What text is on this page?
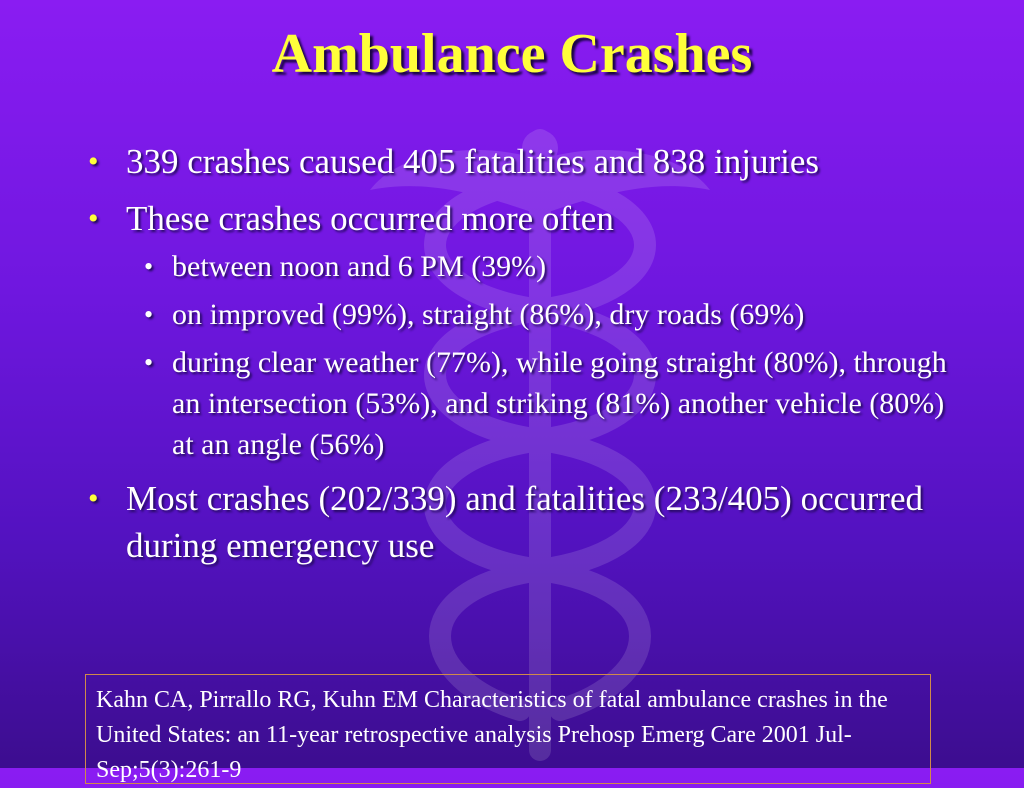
Ambulance Crashes
• 339 crashes caused 405 fatalities and 838 injuries
• These crashes occurred more often
• between noon and 6 PM (39%)
• on improved (99%), straight (86%), dry roads (69%)
• during clear weather (77%), while going straight (80%), through an intersection (53%), and striking (81%) another vehicle (80%) at an angle (56%)
• Most crashes (202/339) and fatalities (233/405) occurred during emergency use
Kahn CA, Pirrallo RG, Kuhn EM Characteristics of fatal ambulance crashes in the United States: an 11-year retrospective analysis Prehosp Emerg Care 2001 Jul-Sep;5(3):261-9
